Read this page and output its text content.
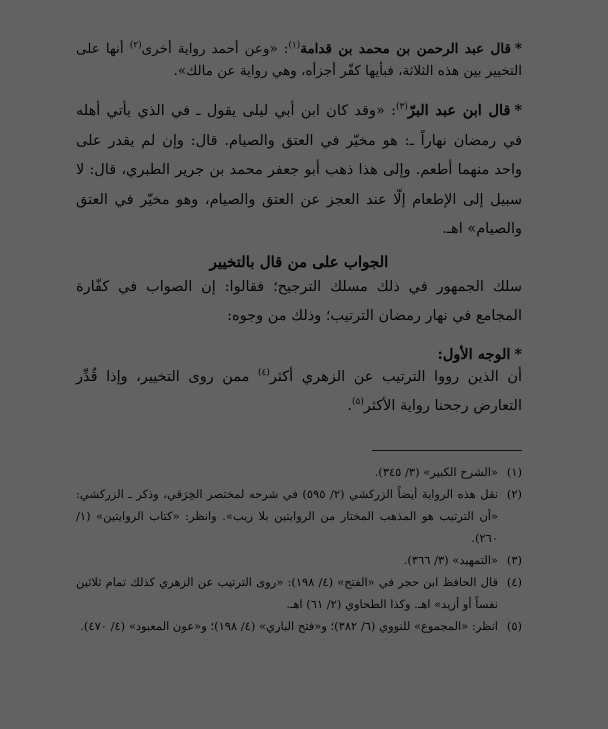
*قال عبد الرحمن بن محمد بن قدامة$^{(١)}$: «وعن أحمد رواية أخرى$^{(٢)}$ أنها على التخيير بين هذه الثلاثة، فبأيها كفّر أجزأه، وهي رواية عن مالك».

*قال ابن عبد البرّ$^{(٣)}$: «وقد كان ابن أبي ليلى يقول ـ في الذي يأتي أهله في رمضان نهاراً ـ: هو مخيّر في العتق والصيام. قال: وإن لم يقدر على واحد منهما أطعم. وإلى هذا ذهب أبو جعفر محمد بن جرير الطبري، قال: لا سبيل إلى الإطعام إلّا عند العجز عن العتق والصيام، وهو مخيّر في العتق والصيام» اهـ.

الجواب على من قال بالتخيير

سلك الجمهور في ذلك مسلك الترجيح؛ فقالوا: إن الصواب في كفّارة المجامع في نهار رمضان الترتيب؛ وذلك من وجوه:

*الوجه الأول:

أن الذين رووا الترتيب عن الزهري أكثر$^{(٤)}$ ممن روى التخيير، وإذا قُدِّر التعارض رجحنا رواية الأكثر$^{(٥)}$.

(١)
«الشرح الكبير» (٣/ ٣٤٥).
(٢)
نقل هذه الرواية أيضاً الزركشي (٢/ ٥٩٥) في شرحه لمختصر الخِرَقي، وذكر ـ الزركشي: «أن الترتيب هو المذهب المختار من الروايتين بلا ريب». وانظر: «كتاب الروايتين» (١/ ٢٦٠).
(٣)
«التمهيد» (٣/ ٣٦٦).
(٤)
قال الحافظ ابن حجر في «الفتح» (٤/ ١٩٨): «روى الترتيب عن الزهري كذلك تمام ثلاثين نفساً أو أزيد» اهـ. وكذا الطحاوي (٢/ ٦١) اهـ.
(٥)
انظر: «المجموع» للنووي (٦/ ٣٨٢)؛ و«فتح الباري» (٤/ ١٩٨)؛ و«عون المعبود» (٤/ ٤٧٠).
